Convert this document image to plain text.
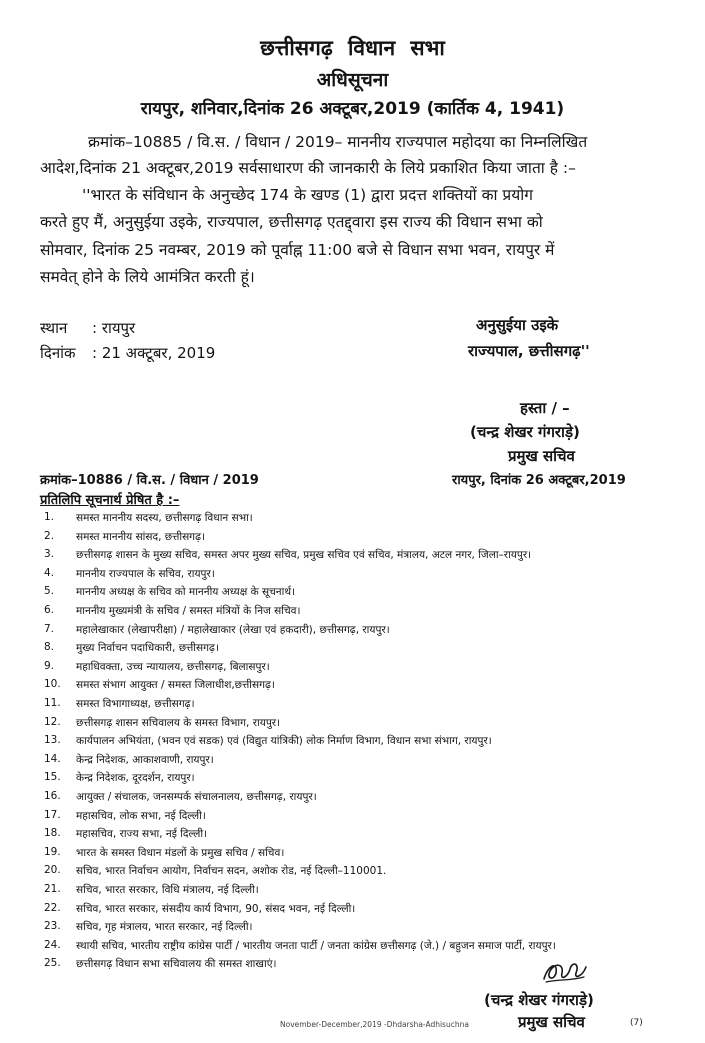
छत्तीसगढ़ विधान सभा
अधिसूचना
रायपुर, शनिवार,दिनांक 26 अक्टूबर,2019 (कार्तिक 4, 1941)
क्रमांक–10885 / वि.स. / विधान / 2019– माननीय राज्यपाल महोदया का निम्नलिखित
आदेश,दिनांक 21 अक्टूबर,2019 सर्वसाधारण की जानकारी के लिये प्रकाशित किया जाता है :–
''भारत के संविधान के अनुच्छेद 174 के खण्ड (1) द्वारा प्रदत्त शक्तियों का प्रयोग
करते हुए मैं, अनुसुईया उइके, राज्यपाल, छत्तीसगढ़ एतद्द्वारा इस राज्य की विधान सभा को
सोमवार, दिनांक 25 नवम्बर, 2019 को पूर्वाह्न 11:00 बजे से विधान सभा भवन, रायपुर में
समवेत् होने के लिये आमंत्रित करती हूं।
स्थान : रायपुर
दिनांक : 21 अक्टूबर, 2019
अनुसुईया उइके
राज्यपाल, छत्तीसगढ़''
हस्ता / –
(चन्द्र शेखर गंगराड़े)
प्रमुख सचिव
क्रमांक–10886 / वि.स. / विधान / 2019	रायपुर, दिनांक 26 अक्टूबर,2019
प्रतिलिपि सूचनार्थ प्रेषित है :–
1. समस्त माननीय सदस्य, छत्तीसगढ़ विधान सभा।
2. समस्त माननीय सांसद, छत्तीसगढ़।
3. छत्तीसगढ़ शासन के मुख्य सचिव, समस्त अपर मुख्य सचिव, प्रमुख सचिव एवं सचिव, मंत्रालय, अटल नगर, जिला–रायपुर।
4. माननीय राज्यपाल के सचिव, रायपुर।
5. माननीय अध्यक्ष के सचिव को माननीय अध्यक्ष के सूचनार्थ।
6. माननीय मुख्यमंत्री के सचिव / समस्त मंत्रियों के निज सचिव।
7. महालेखाकार (लेखापरीक्षा) / महालेखाकार (लेखा एवं हकदारी), छत्तीसगढ़, रायपुर।
8. मुख्य निर्वाचन पदाधिकारी, छत्तीसगढ़।
9. महाधिवक्ता, उच्च न्यायालय, छत्तीसगढ़, बिलासपुर।
10. समस्त संभाग आयुक्त / समस्त जिलाधीश,छत्तीसगढ़।
11. समस्त विभागाध्यक्ष, छत्तीसगढ़।
12. छत्तीसगढ़ शासन सचिवालय के समस्त विभाग, रायपुर।
13. कार्यपालन अभियंता, (भवन एवं सडक) एवं (विद्युत यांत्रिकी) लोक निर्माण विभाग, विधान सभा संभाग, रायपुर।
14. केन्द्र निदेशक, आकाशवाणी, रायपुर।
15. केन्द्र निदेशक, दूरदर्शन, रायपुर।
16. आयुक्त / संचालक, जनसम्पर्क संचालनालय, छत्तीसगढ़, रायपुर।
17. महासचिव, लोक सभा, नई दिल्ली।
18. महासचिव, राज्य सभा, नई दिल्ली।
19. भारत के समस्त विधान मंडलों के प्रमुख सचिव / सचिव।
20. सचिव, भारत निर्वाचन आयोग, निर्वाचन सदन, अशोक रोड, नई दिल्ली–110001.
21. सचिव, भारत सरकार, विधि मंत्रालय, नई दिल्ली।
22. सचिव, भारत सरकार, संसदीय कार्य विभाग, 90, संसद भवन, नई दिल्ली।
23. सचिव, गृह मंत्रालय, भारत सरकार, नई दिल्ली।
24. स्थायी सचिव, भारतीय राष्ट्रीय कांग्रेस पार्टी / भारतीय जनता पार्टी / जनता कांग्रेस छत्तीसगढ़ (जे.) / बहुजन समाज पार्टी, रायपुर।
25. छत्तीसगढ़ विधान सभा सचिवालय की समस्त शाखाएं।
(चन्द्र शेखर गंगराड़े)
प्रमुख सचिव
November-December,2019 -Dhdarsha-Adhisuchna	(7)
